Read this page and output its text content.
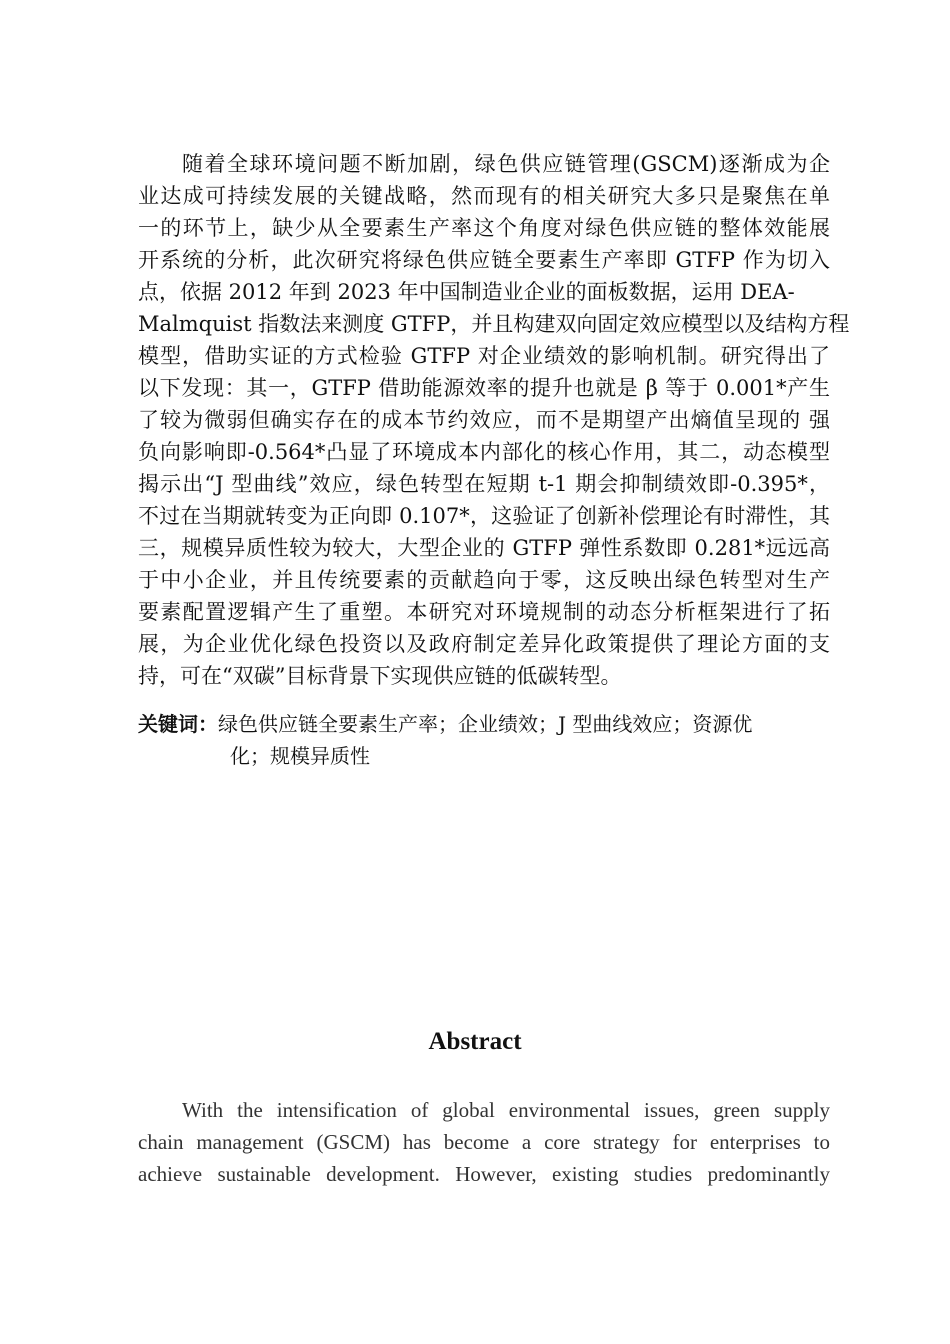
随着全球环境问题不断加剧，绿色供应链管理(GSCM)逐渐成为企
业达成可持续发展的关键战略，然而现有的相关研究大多只是聚焦在单
一的环节上，缺少从全要素生产率这个角度对绿色供应链的整体效能展
开系统的分析，此次研究将绿色供应链全要素生产率即 GTFP 作为切入
点，依据 2012 年到 2023 年中国制造业企业的面板数据，运用 DEA-
Malmquist 指数法来测度 GTFP，并且构建双向固定效应模型以及结构方程
模型，借助实证的方式检验 GTFP 对企业绩效的影响机制。研究得出了
以下发现：其一，GTFP 借助能源效率的提升也就是 β 等于 0.001*产生
了较为微弱但确实存在的成本节约效应，而不是期望产出熵值呈现的 强
负向影响即-0.564*凸显了环境成本内部化的核心作用，其二，动态模型
揭示出“J 型曲线”效应，绿色转型在短期 t-1 期会抑制绩效即-0.395*，
不过在当期就转变为正向即 0.107*，这验证了创新补偿理论有时滞性，其
三，规模异质性较为较大，大型企业的 GTFP 弹性系数即 0.281*远远高
于中小企业，并且传统要素的贡献趋向于零，这反映出绿色转型对生产
要素配置逻辑产生了重塑。本研究对环境规制的动态分析框架进行了拓
展，为企业优化绿色投资以及政府制定差异化政策提供了理论方面的支
持，可在“双碳”目标背景下实现供应链的低碳转型。
关键词：绿色供应链全要素生产率；企业绩效；J 型曲线效应；资源优
化；规模异质性
Abstract
With the intensification of global environmental issues, green supply
chain management (GSCM) has become a core strategy for enterprises to
achieve sustainable development. However, existing studies predominantly
